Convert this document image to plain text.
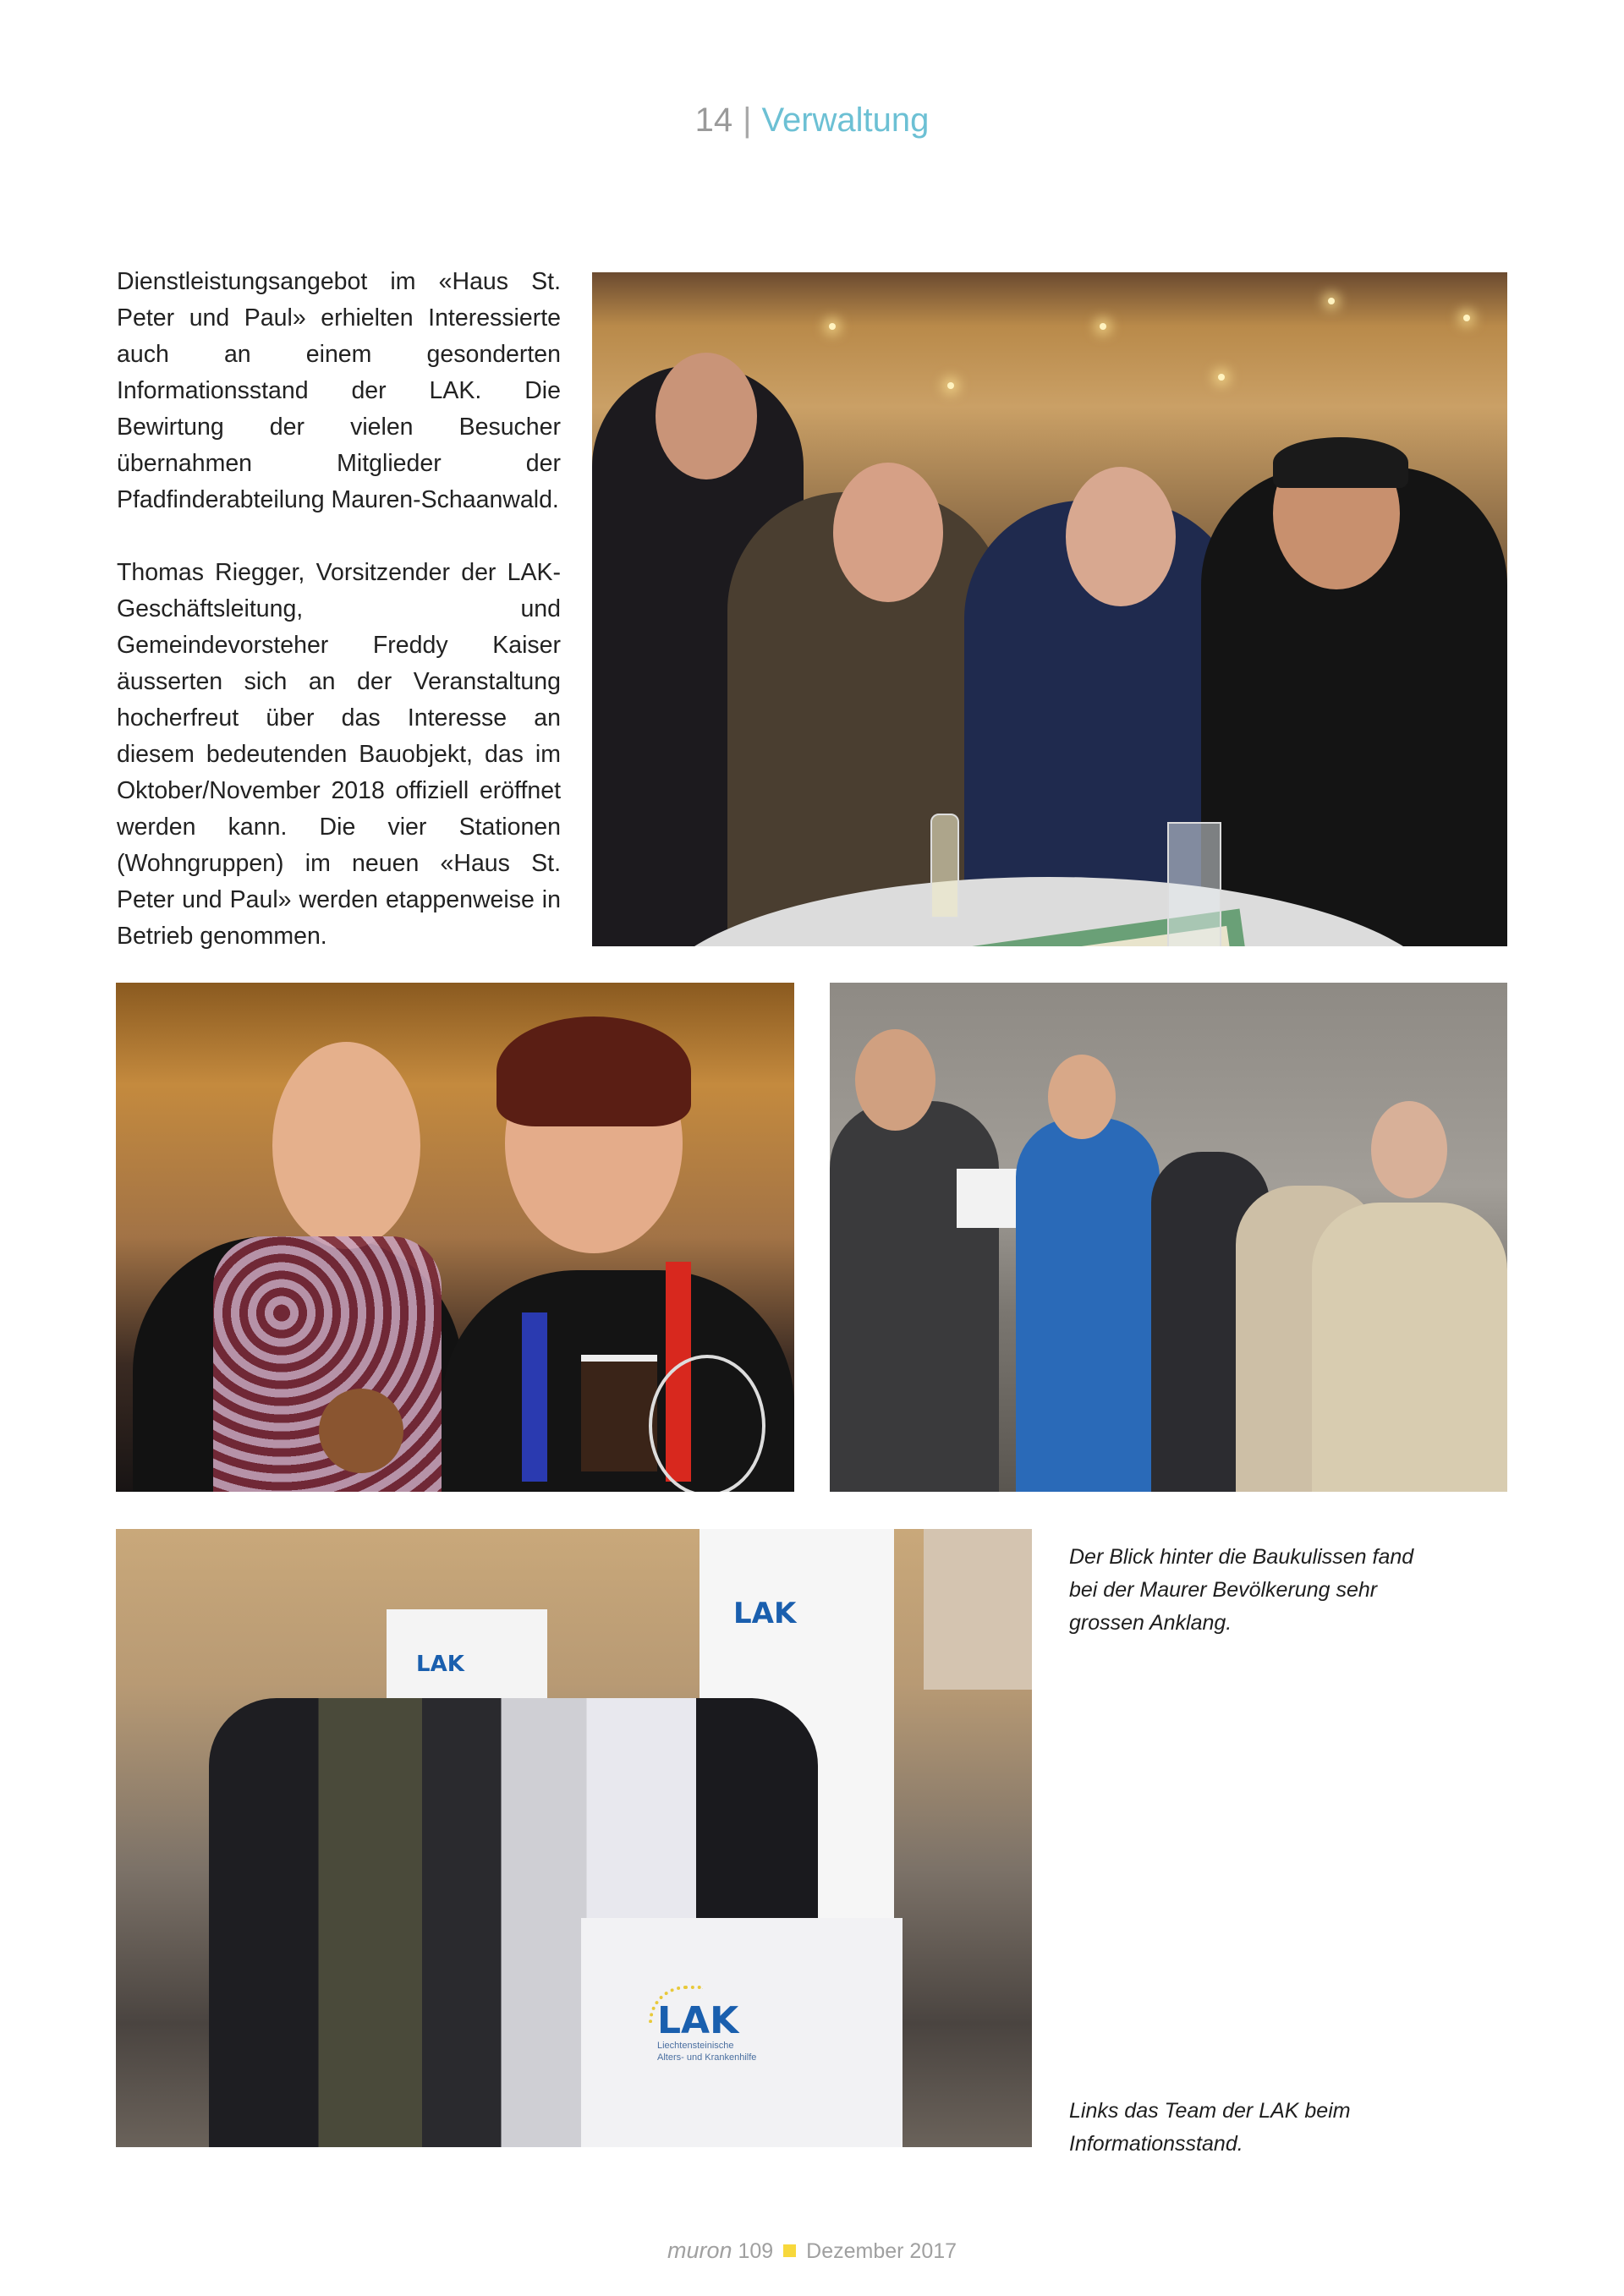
14 | Verwaltung

Dienstleistungsangebot im «Haus St. Peter und Paul» erhielten Interessierte auch an einem gesonderten Informationsstand der LAK. Die Bewirtung der vielen Besucher übernahmen Mitglieder der Pfadfinderabteilung Mauren-Schaanwald.

Thomas Riegger, Vorsitzender der LAK-Geschäftsleitung, und Gemeindevorsteher Freddy Kaiser äusserten sich an der Veranstaltung hocherfreut über das Interesse an diesem bedeutenden Bauobjekt, das im Oktober/November 2018 offiziell eröffnet werden kann. Die vier Stationen (Wohngruppen) im neuen «Haus St. Peter und Paul» werden etappenweise in Betrieb genommen.

LAK
Liechtensteinische
Alters- und Krankenhilfe
LAK
LAK
Der Blick hinter die Baukulissen fand bei der Maurer Bevölkerung sehr grossen Anklang.
Links das Team der LAK beim Informationsstand.
muron 109 Dezember 2017
